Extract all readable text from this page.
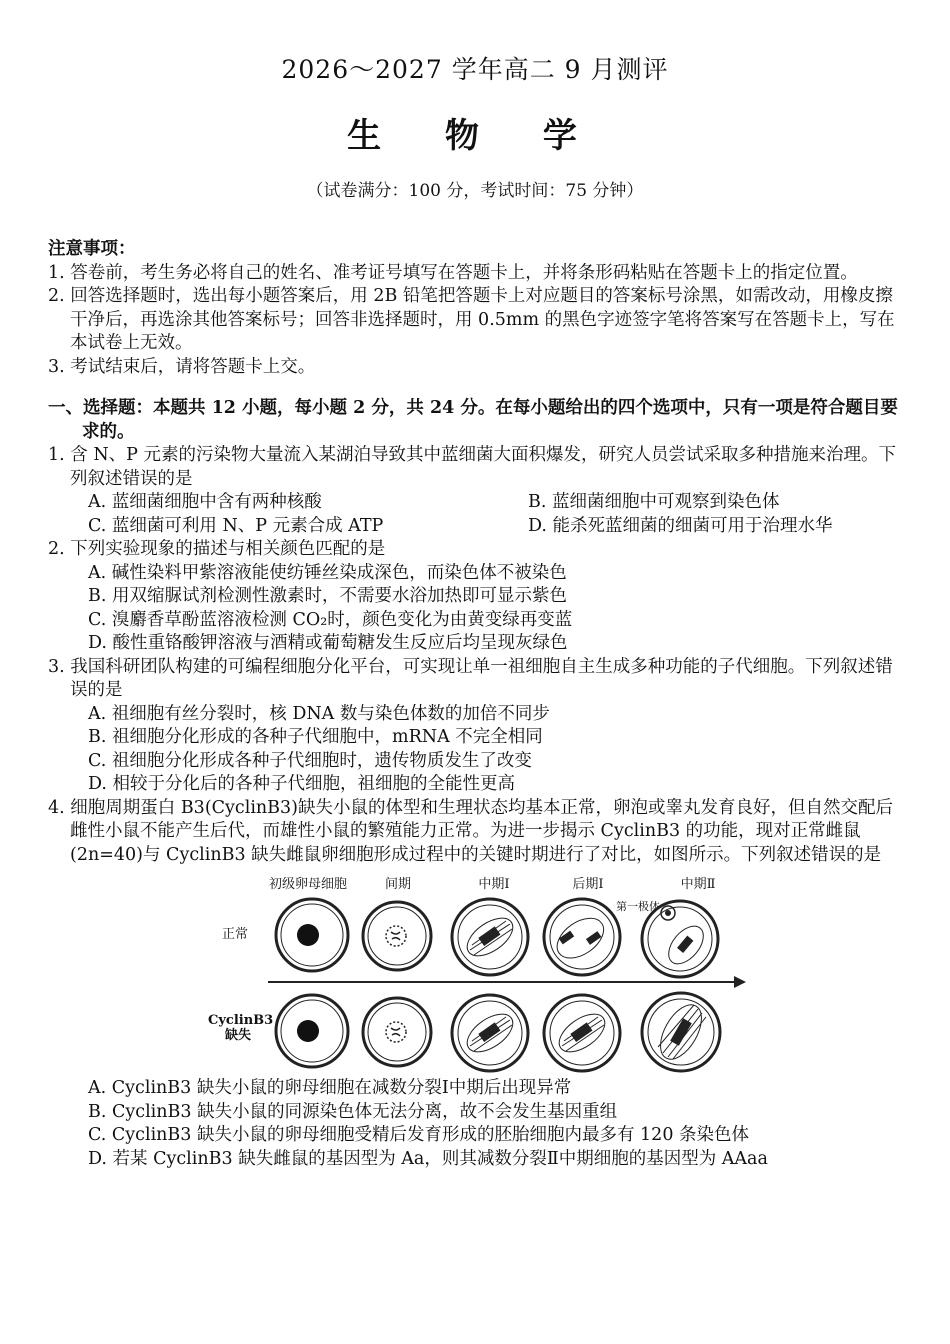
2026～2027 学年高二 9 月测评
生 物 学
（试卷满分：100 分，考试时间：75 分钟）
注意事项：
1. 答卷前，考生务必将自己的姓名、准考证号填写在答题卡上，并将条形码粘贴在答题卡上的指定位置。
2. 回答选择题时，选出每小题答案后，用 2B 铅笔把答题卡上对应题目的答案标号涂黑，如需改动，用橡皮擦干净后，再选涂其他答案标号；回答非选择题时，用 0.5mm 的黑色字迹签字笔将答案写在答题卡上，写在本试卷上无效。
3. 考试结束后，请将答题卡上交。
一、选择题：本题共 12 小题，每小题 2 分，共 24 分。在每小题给出的四个选项中，只有一项是符合题目要求的。
1. 含 N、P 元素的污染物大量流入某湖泊导致其中蓝细菌大面积爆发，研究人员尝试采取多种措施来治理。下列叙述错误的是
A. 蓝细菌细胞中含有两种核酸	B. 蓝细菌细胞中可观察到染色体
C. 蓝细菌可利用 N、P 元素合成 ATP	D. 能杀死蓝细菌的细菌可用于治理水华
2. 下列实验现象的描述与相关颜色匹配的是
A. 碱性染料甲紫溶液能使纺锤丝染成深色，而染色体不被染色
B. 用双缩脲试剂检测性激素时，不需要水浴加热即可显示紫色
C. 溴麝香草酚蓝溶液检测 CO₂时，颜色变化为由黄变绿再变蓝
D. 酸性重铬酸钾溶液与酒精或葡萄糖发生反应后均呈现灰绿色
3. 我国科研团队构建的可编程细胞分化平台，可实现让单一祖细胞自主生成多种功能的子代细胞。下列叙述错误的是
A. 祖细胞有丝分裂时，核 DNA 数与染色体数的加倍不同步
B. 祖细胞分化形成的各种子代细胞中，mRNA 不完全相同
C. 祖细胞分化形成各种子代细胞时，遗传物质发生了改变
D. 相较于分化后的各种子代细胞，祖细胞的全能性更高
4. 细胞周期蛋白 B3(CyclinB3)缺失小鼠的体型和生理状态均基本正常，卵泡或睾丸发育良好，但自然交配后雌性小鼠不能产生后代，而雄性小鼠的繁殖能力正常。为进一步揭示 CyclinB3 的功能，现对正常雌鼠(2n=40)与 CyclinB3 缺失雌鼠卵细胞形成过程中的关键时期进行了对比，如图所示。下列叙述错误的是
初级卵母细胞	间期	中期Ⅰ	后期Ⅰ	中期Ⅱ
第一极体
正常
CyclinB3
缺失
A. CyclinB3 缺失小鼠的卵母细胞在减数分裂Ⅰ中期后出现异常
B. CyclinB3 缺失小鼠的同源染色体无法分离，故不会发生基因重组
C. CyclinB3 缺失小鼠的卵母细胞受精后发育形成的胚胎细胞内最多有 120 条染色体
D. 若某 CyclinB3 缺失雌鼠的基因型为 Aa，则其减数分裂Ⅱ中期细胞的基因型为 AAaa
